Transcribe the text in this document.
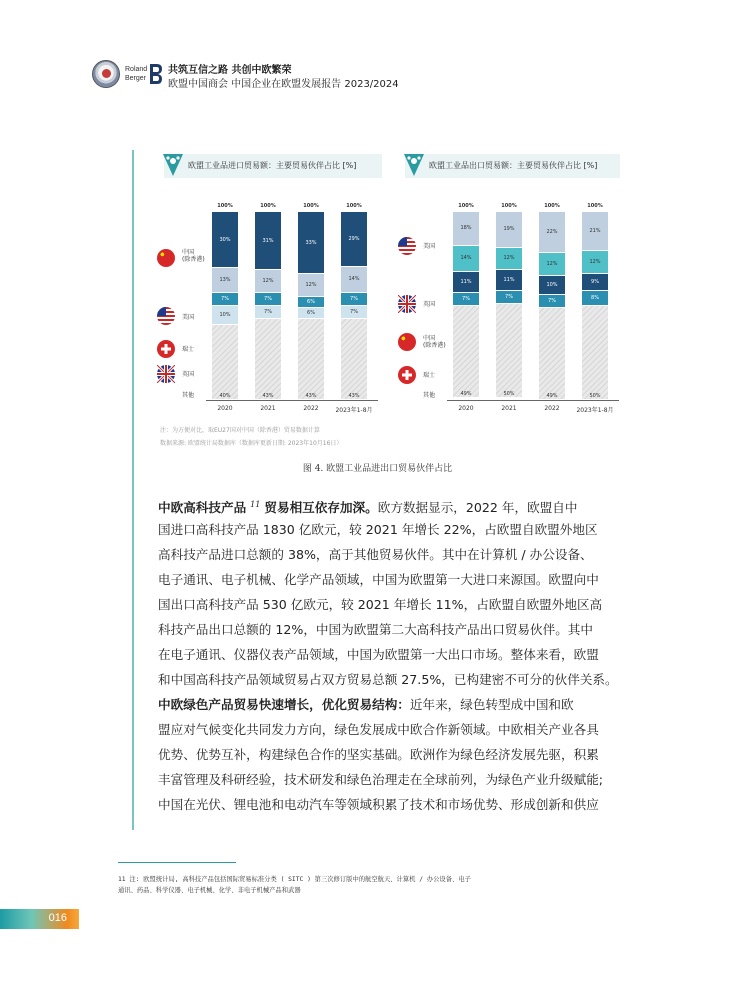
Roland
Berger
共筑互信之路 共创中欧繁荣
欧盟中国商会 中国企业在欧盟发展报告 2023/2024
欧盟工业品进口贸易额：主要贸易伙伴占比 [%]	欧盟工业品出口贸易额：主要贸易伙伴占比 [%]
中国
(除香港)
美国
瑞士
英国
其他
美国
英国
中国
(除香港)
瑞士
其他
30%
13%
7%
10%
40%
100%
2020
31%
12%
7%
7%
43%
100%
2021
33%
12%
6%
6%
43%
100%
2022
29%
14%
7%
7%
43%
100%
2023年1-8月
18%
14%
11%
7%
49%
100%
2020
19%
12%
11%
7%
50%
100%
2021
22%
12%
10%
7%
49%
100%
2022
21%
12%
9%
8%
50%
100%
2023年1-8月
注：为方便对比，取EU27国对中国（除香港）贸易数据计算
数据来源: 欧盟统计局数据库（数据库更新日期: 2023年10月16日）
图 4. 欧盟工业品进出口贸易伙伴占比
中欧高科技产品 $^{11}$ 贸易相互依存加深。欧方数据显示，2022 年，欧盟自中
国进口高科技产品 1830 亿欧元，较 2021 年增长 22%，占欧盟自欧盟外地区
高科技产品进口总额的 38%，高于其他贸易伙伴。其中在计算机 / 办公设备、
电子通讯、电子机械、化学产品领域，中国为欧盟第一大进口来源国。欧盟向中
国出口高科技产品 530 亿欧元，较 2021 年增长 11%，占欧盟自欧盟外地区高
科技产品出口总额的 12%，中国为欧盟第二大高科技产品出口贸易伙伴。其中
在电子通讯、仪器仪表产品领域，中国为欧盟第一大出口市场。整体来看，欧盟
和中国高科技产品领域贸易占双方贸易总额 27.5%，已构建密不可分的伙伴关系。
中欧绿色产品贸易快速增长，优化贸易结构：近年来，绿色转型成中国和欧
盟应对气候变化共同发力方向，绿色发展成中欧合作新领域。中欧相关产业各具
优势、优势互补，构建绿色合作的坚实基础。欧洲作为绿色经济发展先驱，积累
丰富管理及科研经验，技术研发和绿色治理走在全球前列，为绿色产业升级赋能;
中国在光伏、锂电池和电动汽车等领域积累了技术和市场优势、形成创新和供应
11 注: 欧盟统计局, 高科技产品包括国际贸易标准分类 ( SITC ) 第三次修订版中的航空航天、计算机 / 办公设备、电子
通讯、药品、科学仪器、电子机械、化学、非电子机械产品和武器
016
